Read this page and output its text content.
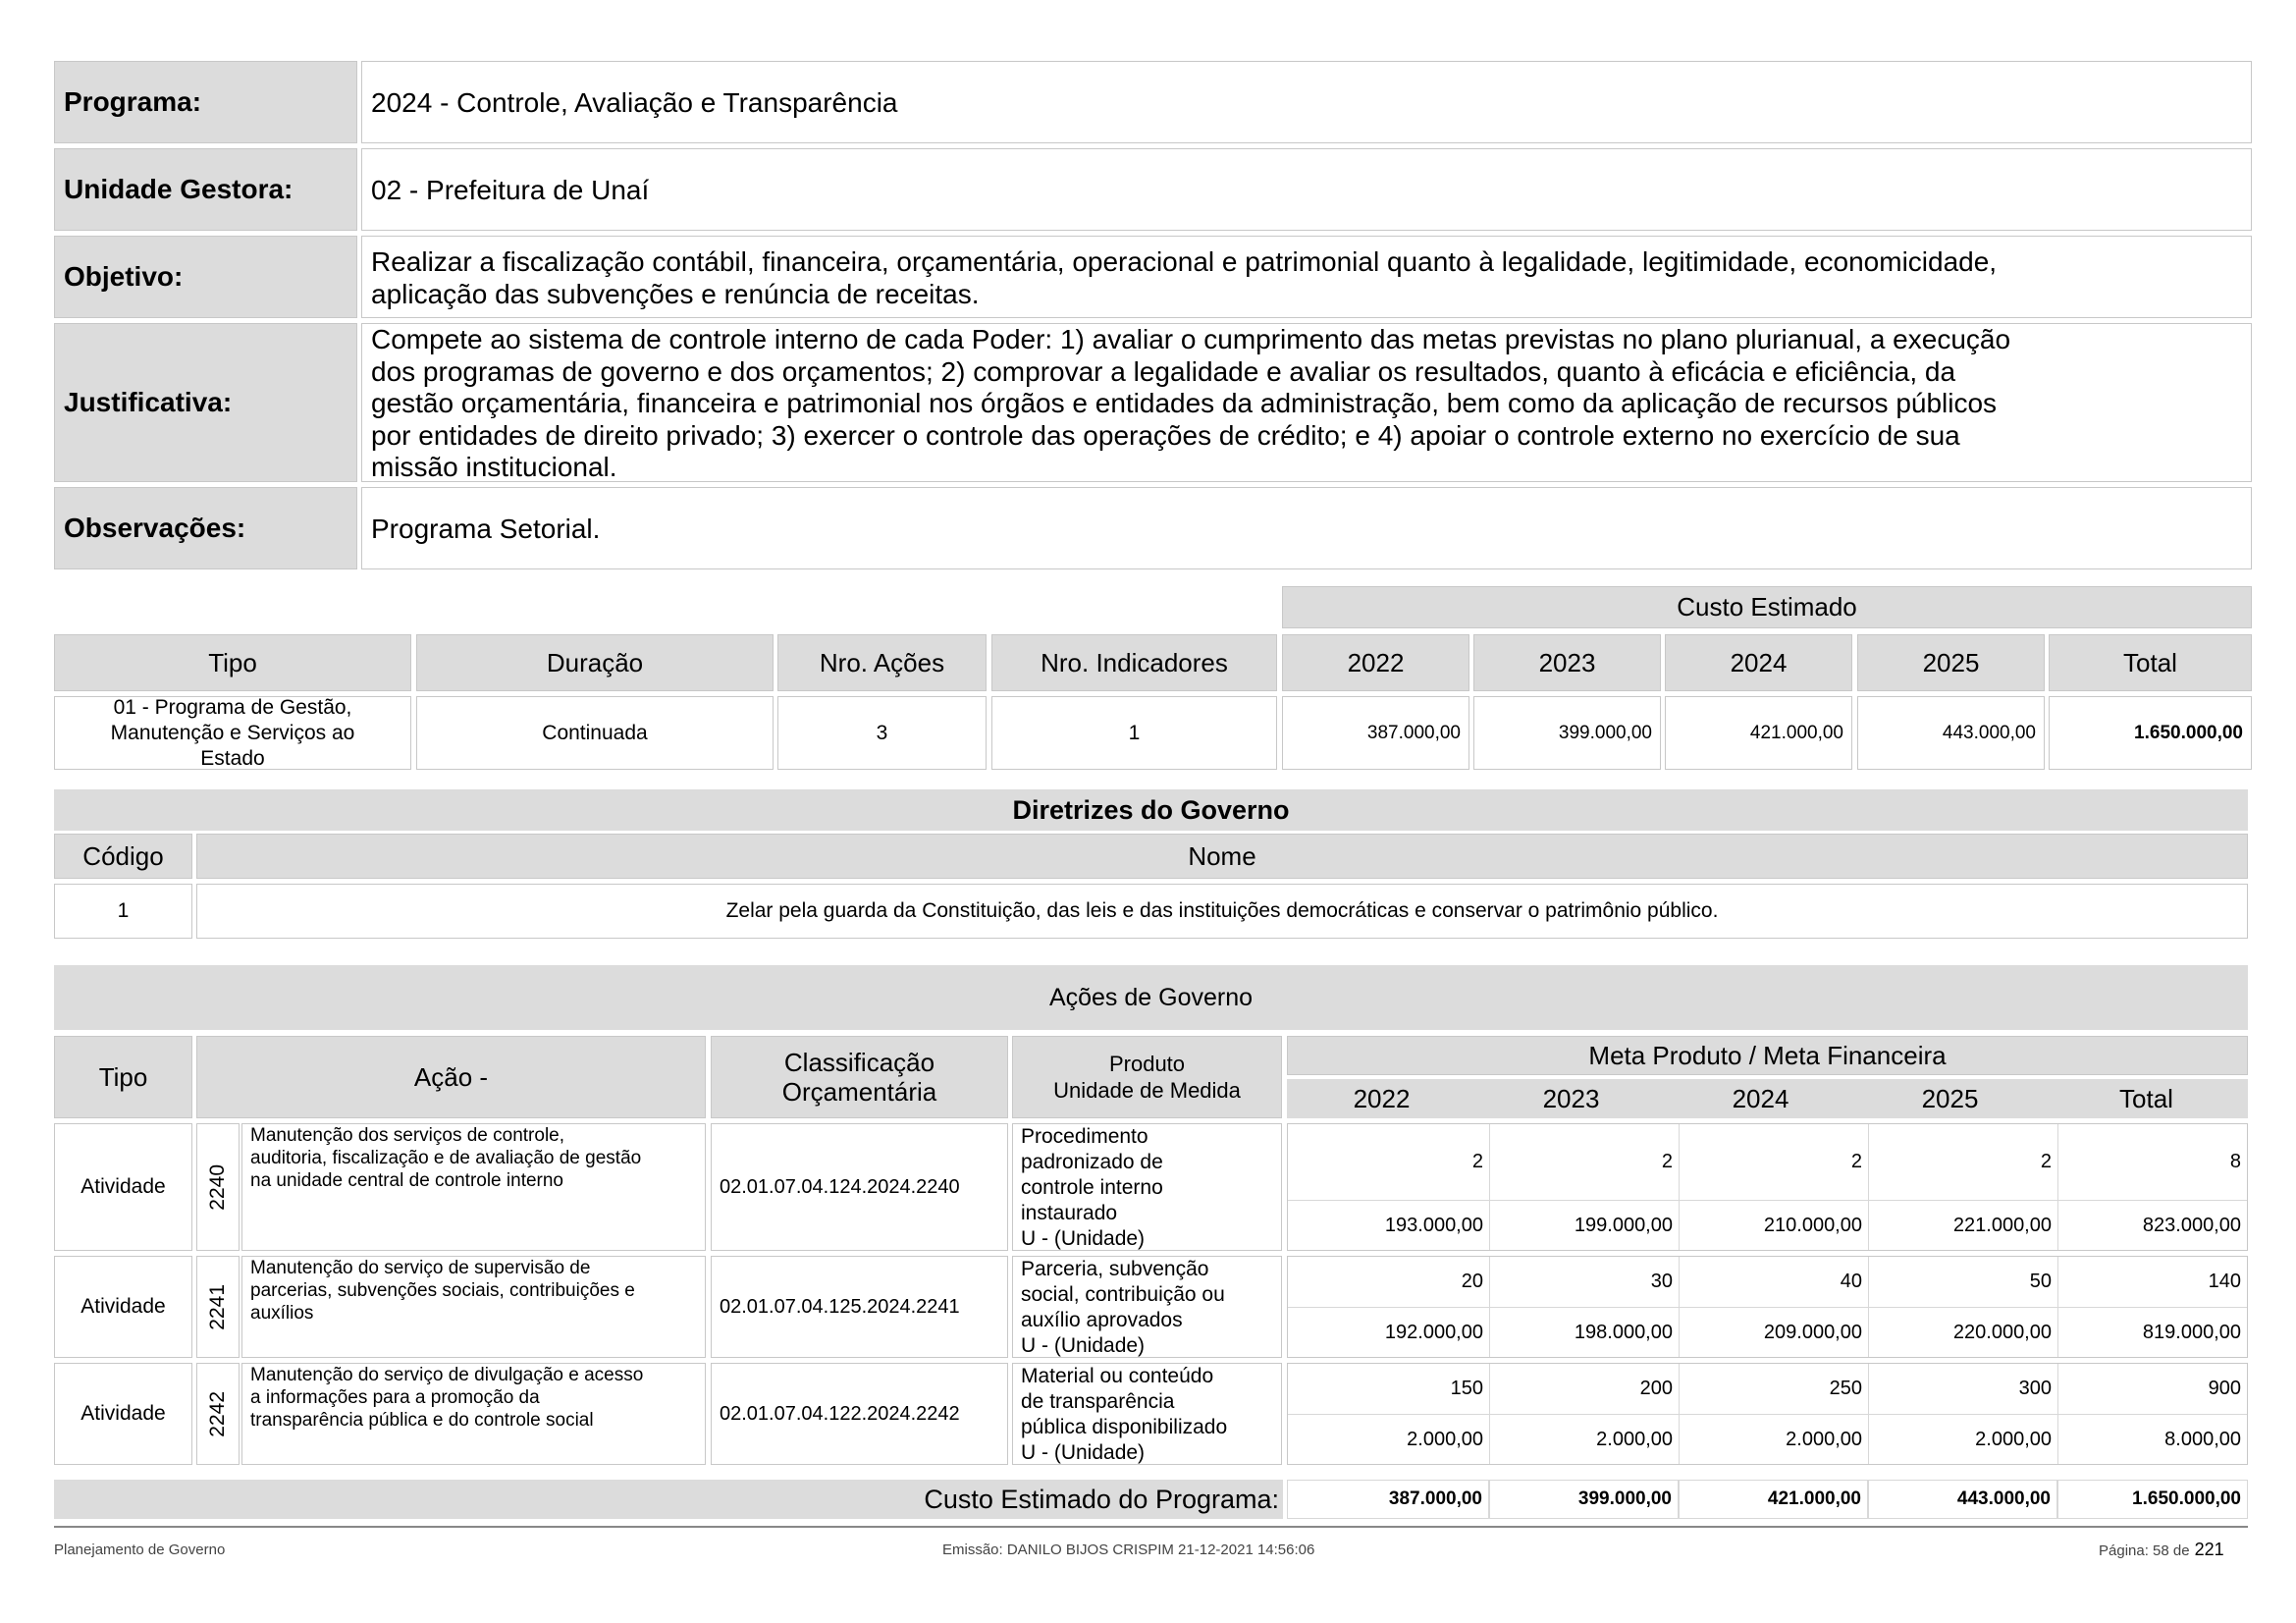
Programa:	2024 - Controle, Avaliação e Transparência
Unidade Gestora:	02 - Prefeitura de Unaí
Objetivo:	Realizar a fiscalização contábil, financeira, orçamentária, operacional e patrimonial quanto à legalidade, legitimidade, economicidade,
aplicação das subvenções e renúncia de receitas.
Justificativa:
Compete ao sistema de controle interno de cada Poder: 1) avaliar o cumprimento das metas previstas no plano plurianual, a execução
dos programas de governo e dos orçamentos; 2) comprovar a legalidade e avaliar os resultados, quanto à eficácia e eficiência, da
gestão orçamentária, financeira e patrimonial nos órgãos e entidades da administração, bem como da aplicação de recursos públicos
por entidades de direito privado; 3) exercer o controle das operações de crédito; e 4) apoiar o controle externo no exercício de sua
missão institucional.
Observações:	Programa Setorial.
Custo Estimado
Tipo	Duração	Nro. Ações	Nro. Indicadores	2022	2023	2024	2025	Total
01 - Programa de Gestão,
Manutenção e Serviços ao
Estado
Continuada	3	1	387.000,00	399.000,00	421.000,00	443.000,00	1.650.000,00
Diretrizes do Governo
Código	Nome
1	Zelar pela guarda da Constituição, das leis e das instituições democráticas e conservar o patrimônio público.
Ações de Governo
Tipo	Ação -	Classificação
Orçamentária
Produto
Unidade de Medida
Meta Produto / Meta Financeira
2022	2023	2024	2025	Total
Atividade	2240
Manutenção dos serviços de controle,
auditoria, fiscalização e de avaliação de gestão
na unidade central de controle interno	02.01.07.04.124.2024.2240
Procedimento
padronizado de
controle interno
instaurado
U - (Unidade)
2	2	2	2	8
193.000,00	199.000,00	210.000,00	221.000,00	823.000,00
Atividade	2241
Manutenção do serviço de supervisão de
parcerias, subvenções sociais, contribuições e
auxílios	02.01.07.04.125.2024.2241
Parceria, subvenção
social, contribuição ou
auxílio aprovados
U - (Unidade)
20	30	40	50	140
192.000,00	198.000,00	209.000,00	220.000,00	819.000,00
Atividade	2242
Manutenção do serviço de divulgação e acesso
a informações para a promoção da
transparência pública e do controle social	02.01.07.04.122.2024.2242
Material ou conteúdo
de transparência
pública disponibilizado
U - (Unidade)
150	200	250	300	900
2.000,00	2.000,00	2.000,00	2.000,00	8.000,00
Custo Estimado do Programa:	387.000,00	399.000,00	421.000,00	443.000,00	1.650.000,00
Planejamento de Governo	Emissão: DANILO BIJOS CRISPIM 21-12-2021 14:56:06	Página: 58 de 221
